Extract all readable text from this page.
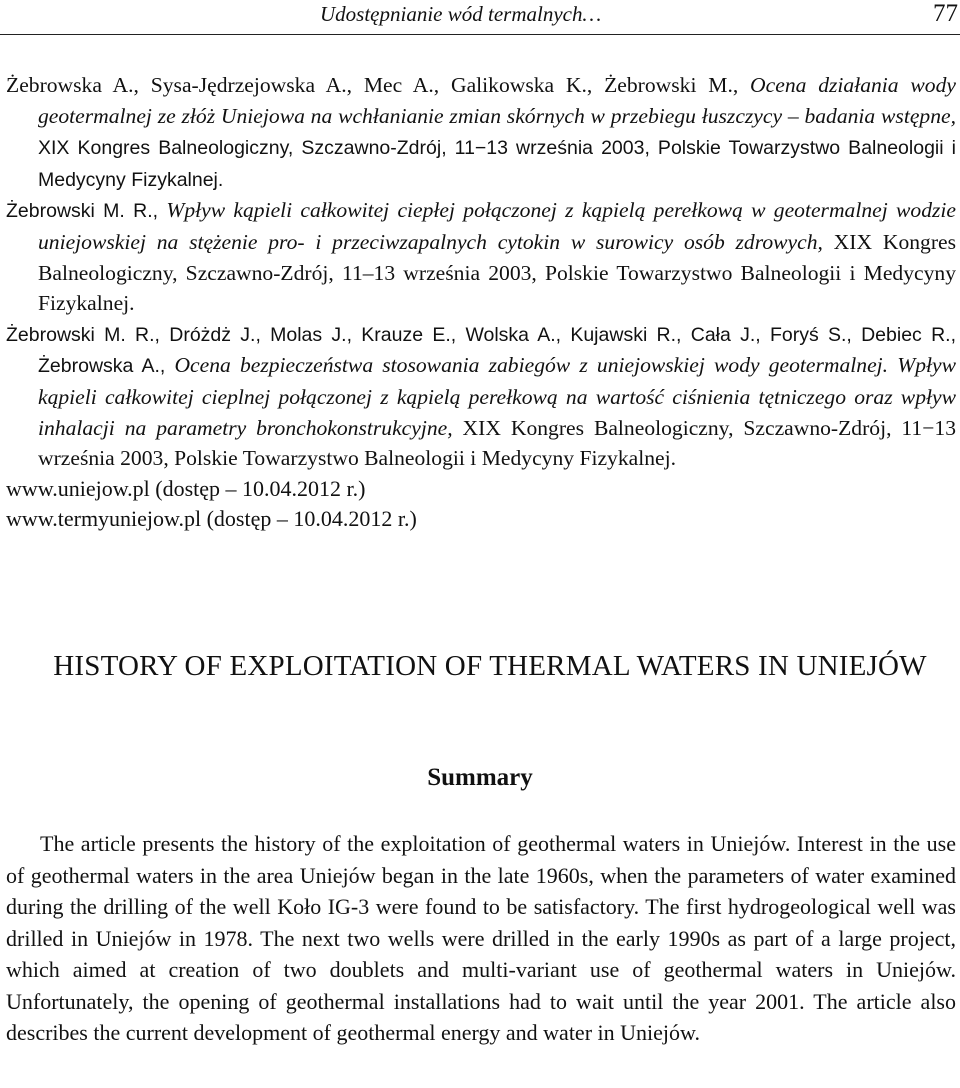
Udostępnianie wód termalnych…	77

Żebrowska A., Sysa-Jędrzejowska A., Mec A., Galikowska K., Żebrowski M., Ocena działania wody geotermalnej ze złóż Uniejowa na wchłanianie zmian skórnych w przebiegu łuszczycy – badania wstępne, XIX Kongres Balneologiczny, Szczawno-Zdrój, 11−13 września 2003, Polskie Towarzystwo Balneologii i Medycyny Fizykalnej.

Żebrowski M. R., Wpływ kąpieli całkowitej ciepłej połączonej z kąpielą perełkową w geotermalnej wodzie uniejowskiej na stężenie pro- i przeciwzapalnych cytokin w surowicy osób zdrowych, XIX Kongres Balneologiczny, Szczawno-Zdrój, 11–13 września 2003, Polskie Towarzystwo Balneologii i Medycyny Fizykalnej.

Żebrowski M. R., Dróżdż J., Molas J., Krauze E., Wolska A., Kujawski R., Cała J., Foryś S., Debiec R., Żebrowska A., Ocena bezpieczeństwa stosowania zabiegów z uniejowskiej wody geotermalnej. Wpływ kąpieli całkowitej cieplnej połączonej z kąpielą perełkową na wartość ciśnienia tętniczego oraz wpływ inhalacji na parametry bronchokonstrukcyjne, XIX Kongres Balneologiczny, Szczawno-Zdrój, 11−13 września 2003, Polskie Towarzystwo Balneologii i Medycyny Fizykalnej.

www.uniejow.pl (dostęp – 10.04.2012 r.)

www.termyuniejow.pl (dostęp – 10.04.2012 r.)

HISTORY OF EXPLOITATION OF THERMAL WATERS IN UNIEJÓW
Summary

The article presents the history of the exploitation of geothermal waters in Uniejów. Interest in the use of geothermal waters in the area Uniejów began in the late 1960s, when the parameters of water examined during the drilling of the well Koło IG-3 were found to be satisfactory. The first hydrogeological well was drilled in Uniejów in 1978. The next two wells were drilled in the early 1990s as part of a large project, which aimed at creation of two doublets and multi-variant use of geothermal waters in Uniejów. Unfortunately, the opening of geothermal installations had to wait until the year 2001. The article also describes the current development of geothermal energy and water in Uniejów.
